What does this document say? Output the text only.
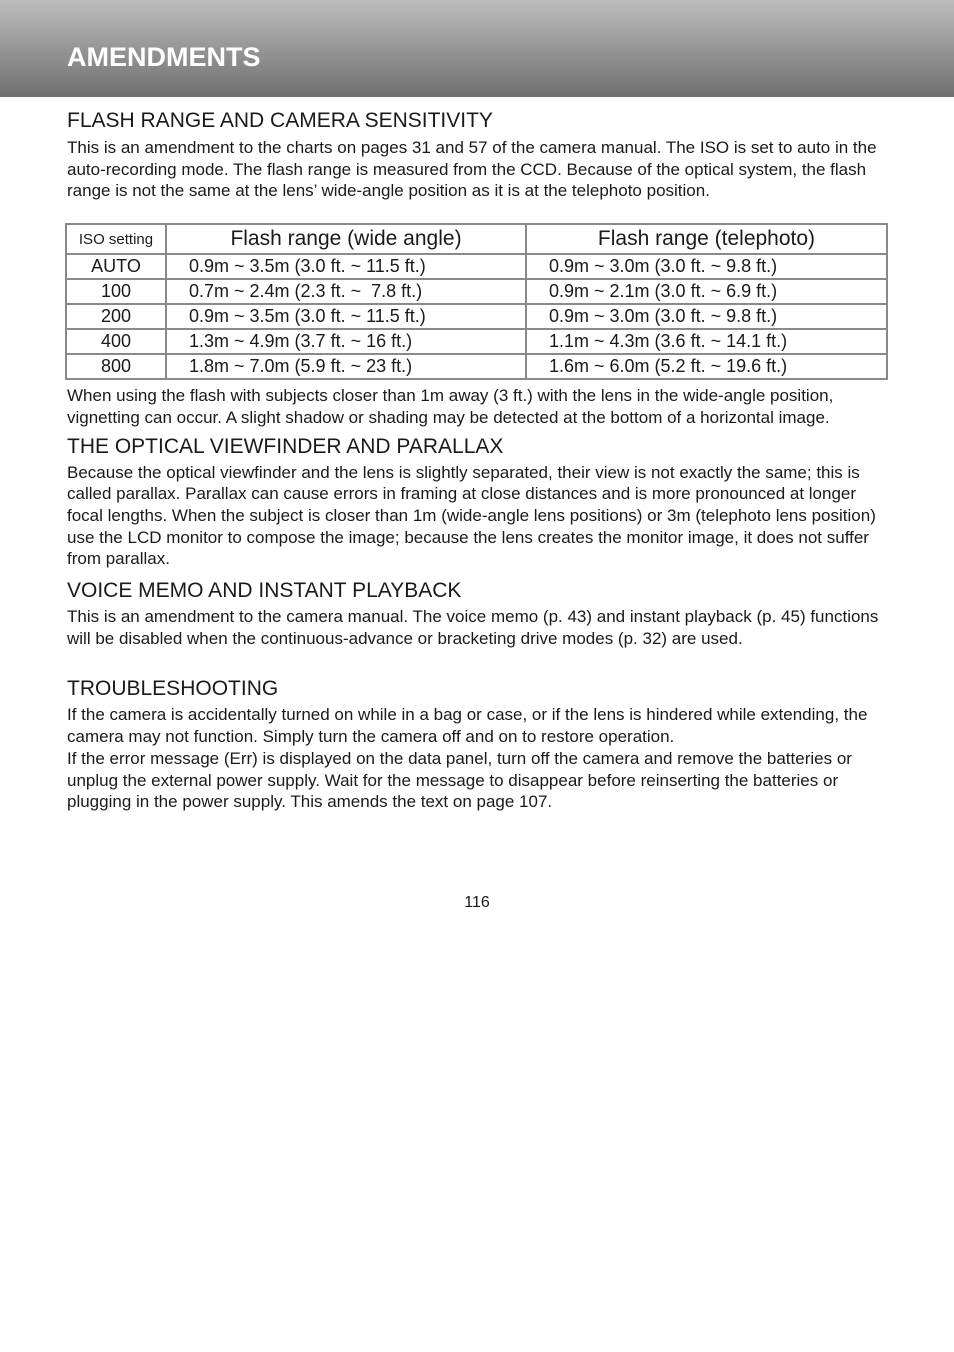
AMENDMENTS
FLASH RANGE AND CAMERA SENSITIVITY

This is an amendment to the charts on pages 31 and 57 of the camera manual. The ISO is set to auto in the auto-recording mode. The flash range is measured from the CCD. Because of the optical system, the flash range is not the same at the lens’ wide-angle position as it is at the telephoto position.

ISO setting	Flash range (wide angle)	Flash range (telephoto)
AUTO	0.9m ~ 3.5m (3.0 ft. ~ 11.5 ft.)	0.9m ~ 3.0m (3.0 ft. ~ 9.8 ft.)
100	0.7m ~ 2.4m (2.3 ft. ~  7.8 ft.)	0.9m ~ 2.1m (3.0 ft. ~ 6.9 ft.)
200	0.9m ~ 3.5m (3.0 ft. ~ 11.5 ft.)	0.9m ~ 3.0m (3.0 ft. ~ 9.8 ft.)
400	1.3m ~ 4.9m (3.7 ft. ~ 16 ft.)	1.1m ~ 4.3m (3.6 ft. ~ 14.1 ft.)
800	1.8m ~ 7.0m (5.9 ft. ~ 23 ft.)	1.6m ~ 6.0m (5.2 ft. ~ 19.6 ft.)

When using the flash with subjects closer than 1m away (3 ft.) with the lens in the wide-angle position, vignetting can occur. A slight shadow or shading may be detected at the bottom of a horizontal image.

THE OPTICAL VIEWFINDER AND PARALLAX

Because the optical viewfinder and the lens is slightly separated, their view is not exactly the same; this is called parallax. Parallax can cause errors in framing at close distances and is more pronounced at longer focal lengths. When the subject is closer than 1m (wide-angle lens positions) or 3m (telephoto lens position) use the LCD monitor to compose the image; because the lens creates the monitor image, it does not suffer from parallax.

VOICE MEMO AND INSTANT PLAYBACK

This is an amendment to the camera manual. The voice memo (p. 43) and instant playback (p. 45) functions will be disabled when the continuous-advance or bracketing drive modes (p. 32) are used.

TROUBLESHOOTING

If the camera is accidentally turned on while in a bag or case, or if the lens is hindered while extending, the camera may not function. Simply turn the camera off and on to restore operation.

If the error message (Err) is displayed on the data panel, turn off the camera and remove the batteries or unplug the external power supply. Wait for the message to disappear before reinserting the batteries or plugging in the power supply. This amends the text on page 107.

116
